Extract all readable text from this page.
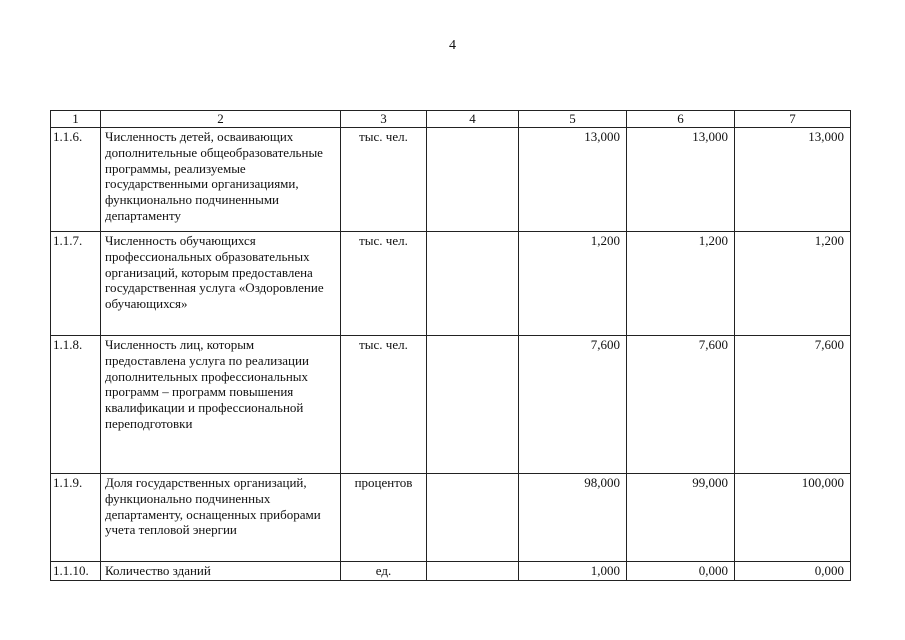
4
1	2	3	4	5	6	7
1.1.6.	Численность детей, осваивающих дополнительные общеобразовательные программы, реализуемые государственными организациями, функционально подчиненными департаменту	тыс. чел.		13,000	13,000	13,000
1.1.7.	Численность обучающихся профессиональных образовательных организаций, которым предоставлена государственная услуга «Оздоровление обучающихся»	тыс. чел.		1,200	1,200	1,200
1.1.8.	Численность лиц, которым предоставлена услуга по реализации дополнительных профессиональных программ – программ повышения квалификации и профессиональной переподготовки	тыс. чел.		7,600	7,600	7,600
1.1.9.	Доля государственных организаций, функционально подчиненных департаменту, оснащенных приборами учета тепловой энергии	процентов		98,000	99,000	100,000
1.1.10.	Количество зданий	ед.		1,000	0,000	0,000
